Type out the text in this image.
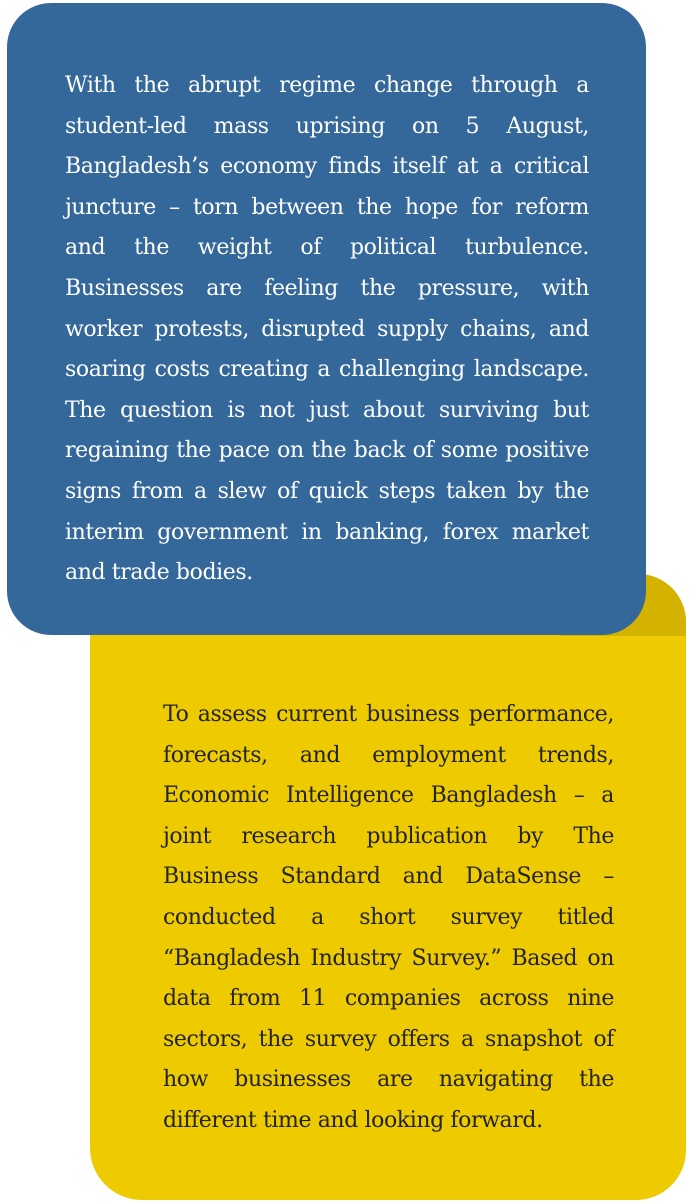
With the abrupt regime change through a student-led mass uprising on 5 August, Bangladesh’s economy finds itself at a critical juncture – torn between the hope for reform and the weight of political turbulence. Businesses are feeling the pressure, with worker protests, disrupted supply chains, and soaring costs creating a challenging landscape. The question is not just about surviving but regaining the pace on the back of some positive signs from a slew of quick steps taken by the interim government in banking, forex market and trade bodies.

To assess current business performance, forecasts, and employment trends, Economic Intelligence Bangladesh – a joint research publication by The Business Standard and DataSense – conducted a short survey titled “Bangladesh Industry Survey.” Based on data from 11 companies across nine sectors, the survey offers a snapshot of how businesses are navigating the different time and looking forward.
